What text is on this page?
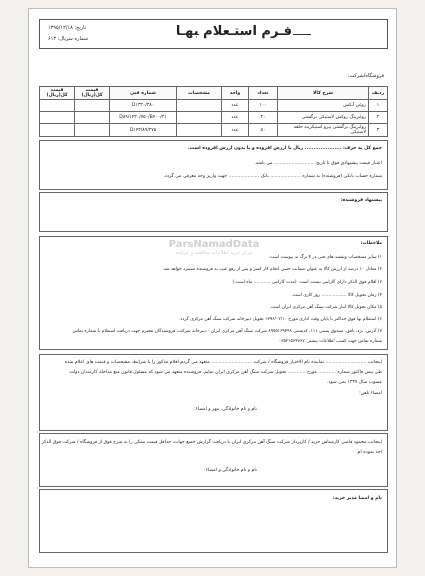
فـرم استـعلام بهـا
تاریخ: ۱۳۹۵/۱۲/۱۸
شماره سریال: ۶۱۳
فروشگاه/شرکت:
ردیف	شرح کالا	تعداد	واحد	مشخصات	شماره فنی	قیمت کل(ریال)	قیمت کل(ریال)
۱	روغن آبکش	۱۰۰	عدد		D۱۳۳۰/۳۸۰		
۲	رولبرینگ روکش لاستیکی برگشتی	۲۰	عدد		D۸۹/۱۴۳۰/۷۵۰/B۴۰۰/۲۱		
۳	رولبرینگ برگشتی پیرو استیکرینه حلقه لاستیکی	۵۰	عدد		D۱۴۳/۸۹/۲۷۵		
جمع کل به حرف: ..................... ریال با ارزش افزوده و یا بدون ارزش افزوده است.
اعتبار قیمت پیشنهادی فوق تا تاریخ ............................ می باشد.
شماره حساب بانکی (فروشنده) به شماره ..................... بانک ..................... جهت واریز وجه معرفی می گردد.
پیشنهاد فروشنده:
ParsNamadData
مرکز خرید اطلاعات مناقصه و مزایده
ملاحظات:
۱) سایر مشخصات ونقشه های فنی در ۴ برگ به پیوست است.
۲) معادل ۱۰ درصد از ارزش کالا به عنوان ضمانت حسن انجام کار کسر و پس از رفع عیب به فروشنده مسترد خواهد شد.
۳) اقلام فوق الذکر دارای گارانتی نیست است. (مدت گارانتی ............ ماه است.)
۴) زمان تحویل کالا .................. روز کاری است.
۵) مکان تحویل کالا انبار شرکت سنگ آهن مرکزی ایران است.
۶) استعلام بها فوق حداکثر تا پایان وقت اداری مورخ ۱۳۹۶/۰۲/۱۰ تحویل دبیرخانه شرکت سنگ آهن مرکزی گردد.
۷) آدرس: یزد، بافق، صندوق پستی ۱۱۱، کدپستی ۸۹۷۵۱۶۹۴۴۸ شرکت سنگ آهن مرکزی ایران - دبیرخانه شرکت، فروشندگان محترم جهت دریافت استعلام با شماره تماس
شماره تماس جهت کسب اطلاعات بیشتر: ۰۳۵۲۱۵۶۴۷۶۷
اینجانب ............................ نماینده تام الاختیار فروشگاه / شرکت ............................ متعهد می گردم اقلام مذکور را با شرایط، مشخصات و قیمت های اعلام شده
طی پیش فاکتور شماره ............ مورخ ............ تحویل شرکت سنگ آهن مرکزی ایران نمایم. فروشنده متعهد می شود که مسئول قانون منع مداخله کارمندان دولت
مصوب سال ۱۳۳۷ نمی شود.
امضاء تلفن:
نام و نام خانوادگی، مهر و امضاء:
اینجانب محمود قاضی کارشناس خرید / کارپرداز شرکت سنگ آهن مرکزی ایران با دریافت گزارش جمیع جهات، حداقل قیمت ممکن را به شرح فوق از فروشگاه / شرکت فوق الذکر
اخذ نموده ام.
نام و نام خانوادگی و امضاء:
نام و امضا مدیر خرید:
